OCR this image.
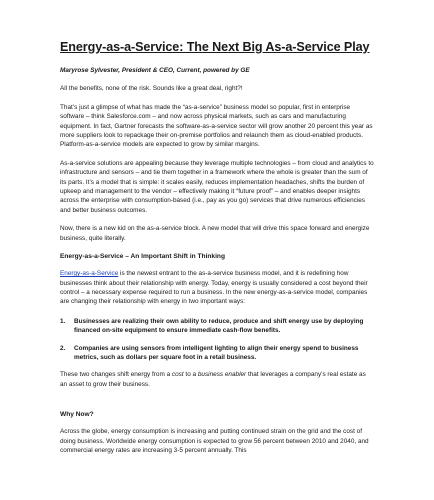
Energy-as-a-Service: The Next Big As-a-Service Play

Maryrose Sylvester, President & CEO, Current, powered by GE

All the benefits, none of the risk. Sounds like a great deal, right?!

That’s just a glimpse of what has made the “as-a-service” business model so popular, first in enterprise software – think Salesforce.com – and now across physical markets, such as cars and manufacturing equipment. In fact, Gartner forecasts the software-as-a-service sector will grow another 20 percent this year as more suppliers look to repackage their on-premise portfolios and relaunch them as cloud-enabled products. Platform-as-a-service models are expected to grow by similar margins.

As-a-service solutions are appealing because they leverage multiple technologies – from cloud and analytics to infrastructure and sensors – and tie them together in a framework where the whole is greater than the sum of its parts. It’s a model that is simple: it scales easily, reduces implementation headaches, shifts the burden of upkeep and management to the vendor – effectively making it “future proof” – and enables deeper insights across the enterprise with consumption-based (i.e., pay as you go) services that drive numerous efficiencies and better business outcomes.

Now, there is a new kid on the as-a-service block. A new model that will drive this space forward and energize business, quite literally.

Energy-as-a-Service – An Important Shift in Thinking

Energy-as-a-Service is the newest entrant to the as-a-service business model, and it is redefining how businesses think about their relationship with energy. Today, energy is usually considered a cost beyond their control – a necessary expense required to run a business. In the new energy-as-a-service model, companies are changing their relationship with energy in two important ways:

1. Businesses are realizing their own ability to reduce, produce and shift energy use by deploying financed on-site equipment to ensure immediate cash-flow benefits.
2. Companies are using sensors from intelligent lighting to align their energy spend to business metrics, such as dollars per square foot in a retail business.

These two changes shift energy from a cost to a business enabler that leverages a company’s real estate as an asset to grow their business.

Why Now?

Across the globe, energy consumption is increasing and putting continued strain on the grid and the cost of doing business. Worldwide energy consumption is expected to grow 56 percent between 2010 and 2040, and commercial energy rates are increasing 3-5 percent annually. This
